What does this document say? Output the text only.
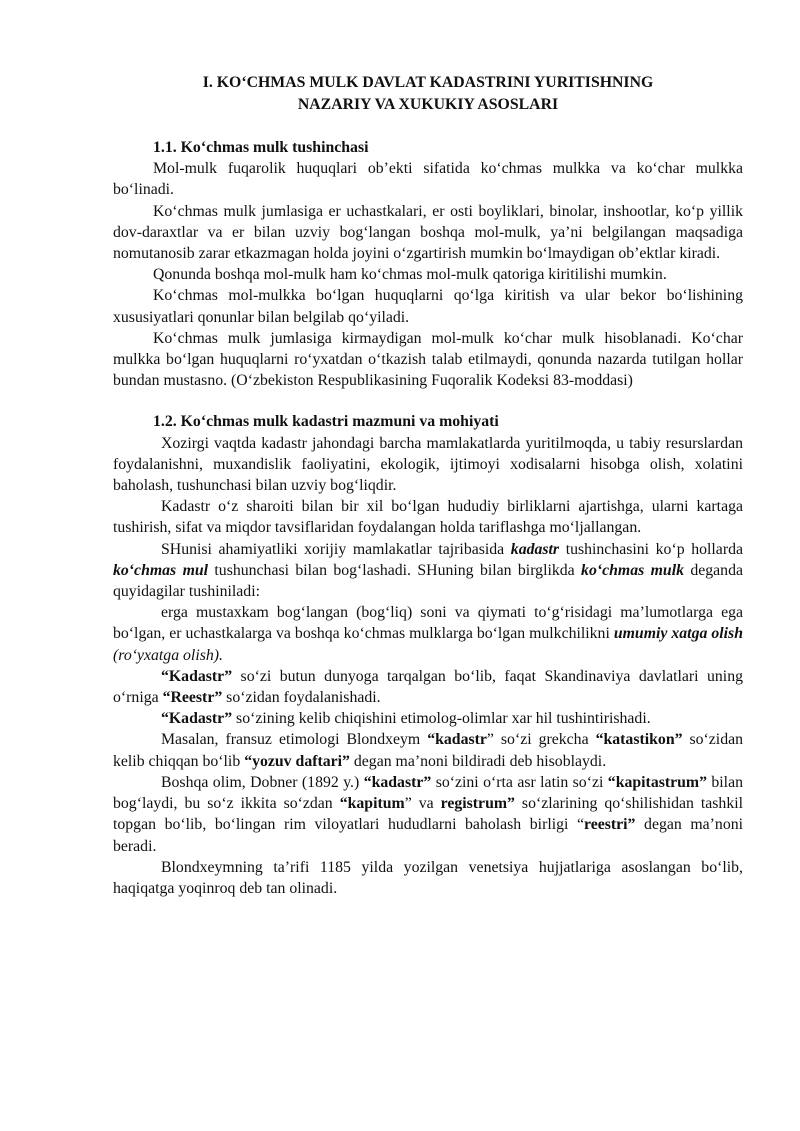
I. KO‘CHMAS MULK DAVLAT KADASTRINI YURITISHNING
NAZARIY VA XUKUKIY ASOSLARI
1.1. Ko‘chmas mulk tushinchasi

Mol-mulk fuqarolik huquqlari ob’ekti sifatida ko‘chmas mulkka va ko‘char mulkka bo‘linadi.

Ko‘chmas mulk jumlasiga er uchastkalari, er osti boyliklari, binolar, inshootlar, ko‘p yillik dov-daraxtlar va er bilan uzviy bog‘langan boshqa mol-mulk, ya’ni belgilangan maqsadiga nomutanosib zarar etkazmagan holda joyini o‘zgartirish mumkin bo‘lmaydigan ob’ektlar kiradi.

Qonunda boshqa mol-mulk ham ko‘chmas mol-mulk qatoriga kiritilishi mumkin.

Ko‘chmas mol-mulkka bo‘lgan huquqlarni qo‘lga kiritish va ular bekor bo‘lishining xususiyatlari qonunlar bilan belgilab qo‘yiladi.

Ko‘chmas mulk jumlasiga kirmaydigan mol-mulk ko‘char mulk hisoblanadi. Ko‘char mulkka bo‘lgan huquqlarni ro‘yxatdan o‘tkazish talab etilmaydi, qonunda nazarda tutilgan hollar bundan mustasno. (O‘zbekiston Respublikasining Fuqoralik Kodeksi 83-moddasi)

1.2. Ko‘chmas mulk kadastri mazmuni va mohiyati

Xozirgi vaqtda kadastr jahondagi barcha mamlakatlarda yuritilmoqda, u tabiy resurslardan foydalanishni, muxandislik faoliyatini, ekologik, ijtimoyi xodisalarni hisobga olish, xolatini baholash, tushunchasi bilan uzviy bog‘liqdir.

Kadastr o‘z sharoiti bilan bir xil bo‘lgan hududiy birliklarni ajartishga, ularni kartaga tushirish, sifat va miqdor tavsiflaridan foydalangan holda tariflashga mo‘ljallangan.

SHunisi ahamiyatliki xorijiy mamlakatlar tajribasida kadastr tushinchasini ko‘p hollarda ko‘chmas mul tushunchasi bilan bog‘lashadi. SHuning bilan birglikda ko‘chmas mulk deganda quyidagilar tushiniladi:

erga mustaxkam bog‘langan (bog‘liq) soni va qiymati to‘g‘risidagi ma’lumotlarga ega bo‘lgan, er uchastkalarga va boshqa ko‘chmas mulklarga bo‘lgan mulkchilikni umumiy xatga olish (ro‘yxatga olish).

“Kadastr” so‘zi butun dunyoga tarqalgan bo‘lib, faqat Skandinaviya davlatlari uning o‘rniga “Reestr” so‘zidan foydalanishadi.

“Kadastr” so‘zining kelib chiqishini etimolog-olimlar xar hil tushintirishadi.

Masalan, fransuz etimologi Blondxeym “kadastr” so‘zi grekcha “katastikon” so‘zidan kelib chiqqan bo‘lib “yozuv daftari” degan ma’noni bildiradi deb hisoblaydi.

Boshqa olim, Dobner (1892 y.) “kadastr” so‘zini o‘rta asr latin so‘zi “kapitastrum” bilan bog‘laydi, bu so‘z ikkita so‘zdan “kapitum” va registrum” so‘zlarining qo‘shilishidan tashkil topgan bo‘lib, bo‘lingan rim viloyatlari hududlarni baholash birligi “reestri” degan ma’noni beradi.

Blondxeymning ta’rifi 1185 yilda yozilgan venetsiya hujjatlariga asoslangan bo‘lib, haqiqatga yoqinroq deb tan olinadi.
